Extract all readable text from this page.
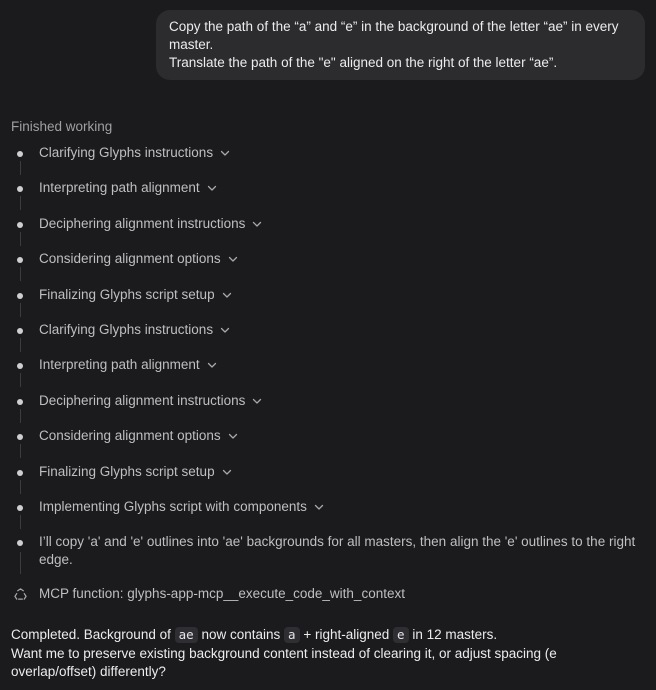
Copy the path of the “a” and “e” in the background of the letter “ae” in every master.
Translate the path of the "e" aligned on the right of the letter “ae”.
Finished working
Clarifying Glyphs instructions
Interpreting path alignment
Deciphering alignment instructions
Considering alignment options
Finalizing Glyphs script setup
Clarifying Glyphs instructions
Interpreting path alignment
Deciphering alignment instructions
Considering alignment options
Finalizing Glyphs script setup
Implementing Glyphs script with components
I’ll copy 'a' and 'e' outlines into 'ae' backgrounds for all masters, then align the 'e' outlines to the right edge.
MCP function: glyphs-app-mcp__execute_code_with_context
Completed. Background of ae now contains a + right-aligned e in 12 masters.
Want me to preserve existing background content instead of clearing it, or adjust spacing (e overlap/offset) differently?
